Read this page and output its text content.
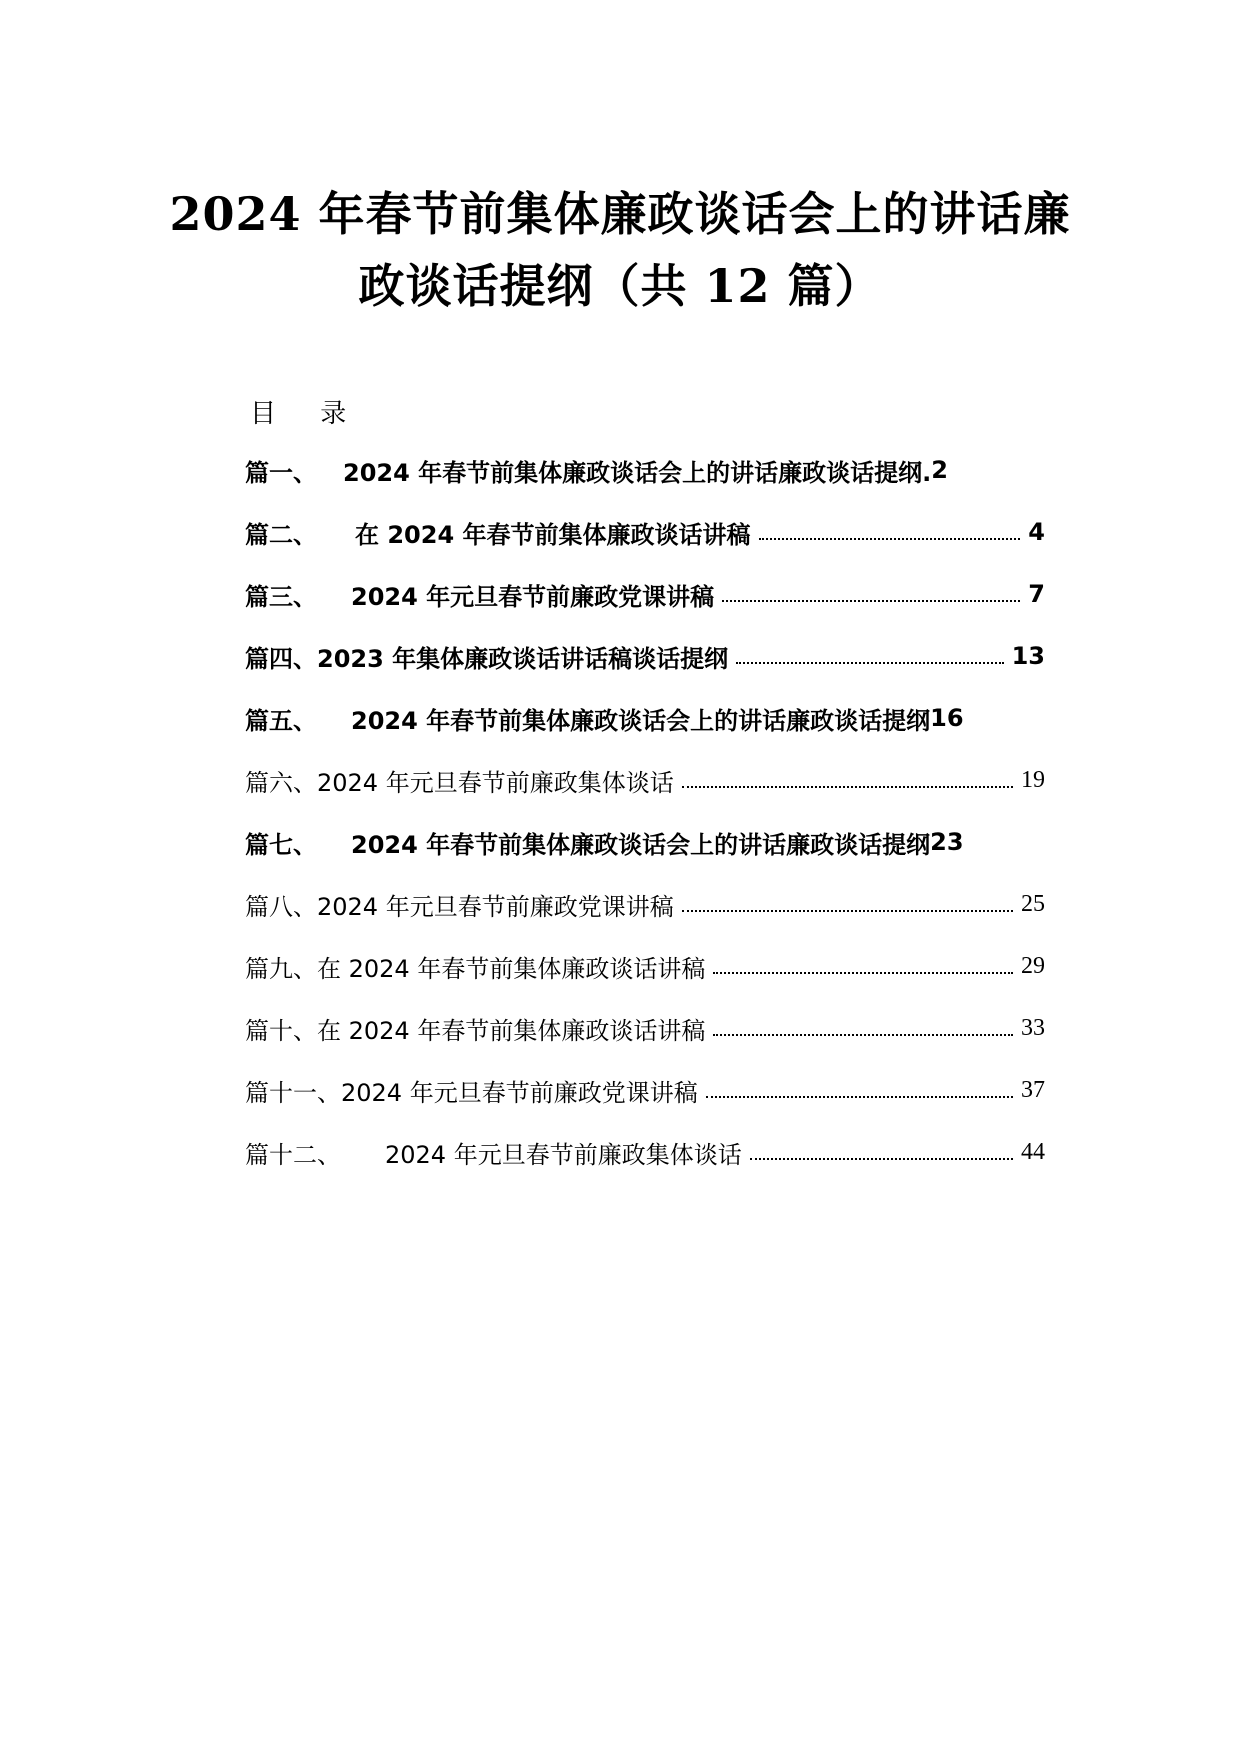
2024 年春节前集体廉政谈话会上的讲话廉
政谈话提纲（共 12 篇）
目 录
篇一、 2024 年春节前集体廉政谈话会上的讲话廉政谈话提纲. 2
篇二、 在 2024 年春节前集体廉政谈话讲稿	4
篇三、 2024 年元旦春节前廉政党课讲稿	7
篇四、 2023 年集体廉政谈话讲话稿谈话提纲	13
篇五、 2024 年春节前集体廉政谈话会上的讲话廉政谈话提纲 16
篇六、 2024 年元旦春节前廉政集体谈话	19
篇七、 2024 年春节前集体廉政谈话会上的讲话廉政谈话提纲 23
篇八、 2024 年元旦春节前廉政党课讲稿	25
篇九、 在 2024 年春节前集体廉政谈话讲稿	29
篇十、 在 2024 年春节前集体廉政谈话讲稿	33
篇十一、 2024 年元旦春节前廉政党课讲稿	37
篇十二、 2024 年元旦春节前廉政集体谈话	44
